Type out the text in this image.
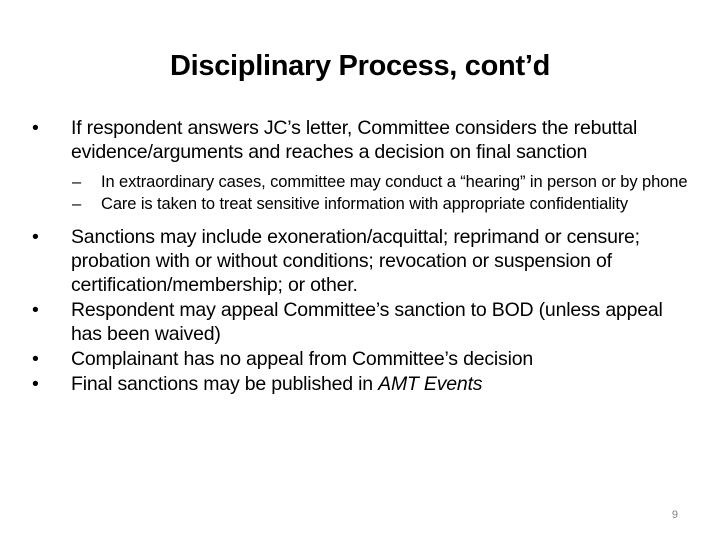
Disciplinary Process, cont’d
• If respondent answers JC’s letter, Committee considers the rebuttal evidence/arguments and reaches a decision on final sanction
– In extraordinary cases, committee may conduct a “hearing” in person or by phone
– Care is taken to treat sensitive information with appropriate confidentiality
• Sanctions may include exoneration/acquittal; reprimand or censure; probation with or without conditions; revocation or suspension of certification/membership; or other.
• Respondent may appeal Committee’s sanction to BOD (unless appeal has been waived)
• Complainant has no appeal from Committee’s decision
• Final sanctions may be published in AMT Events
9
